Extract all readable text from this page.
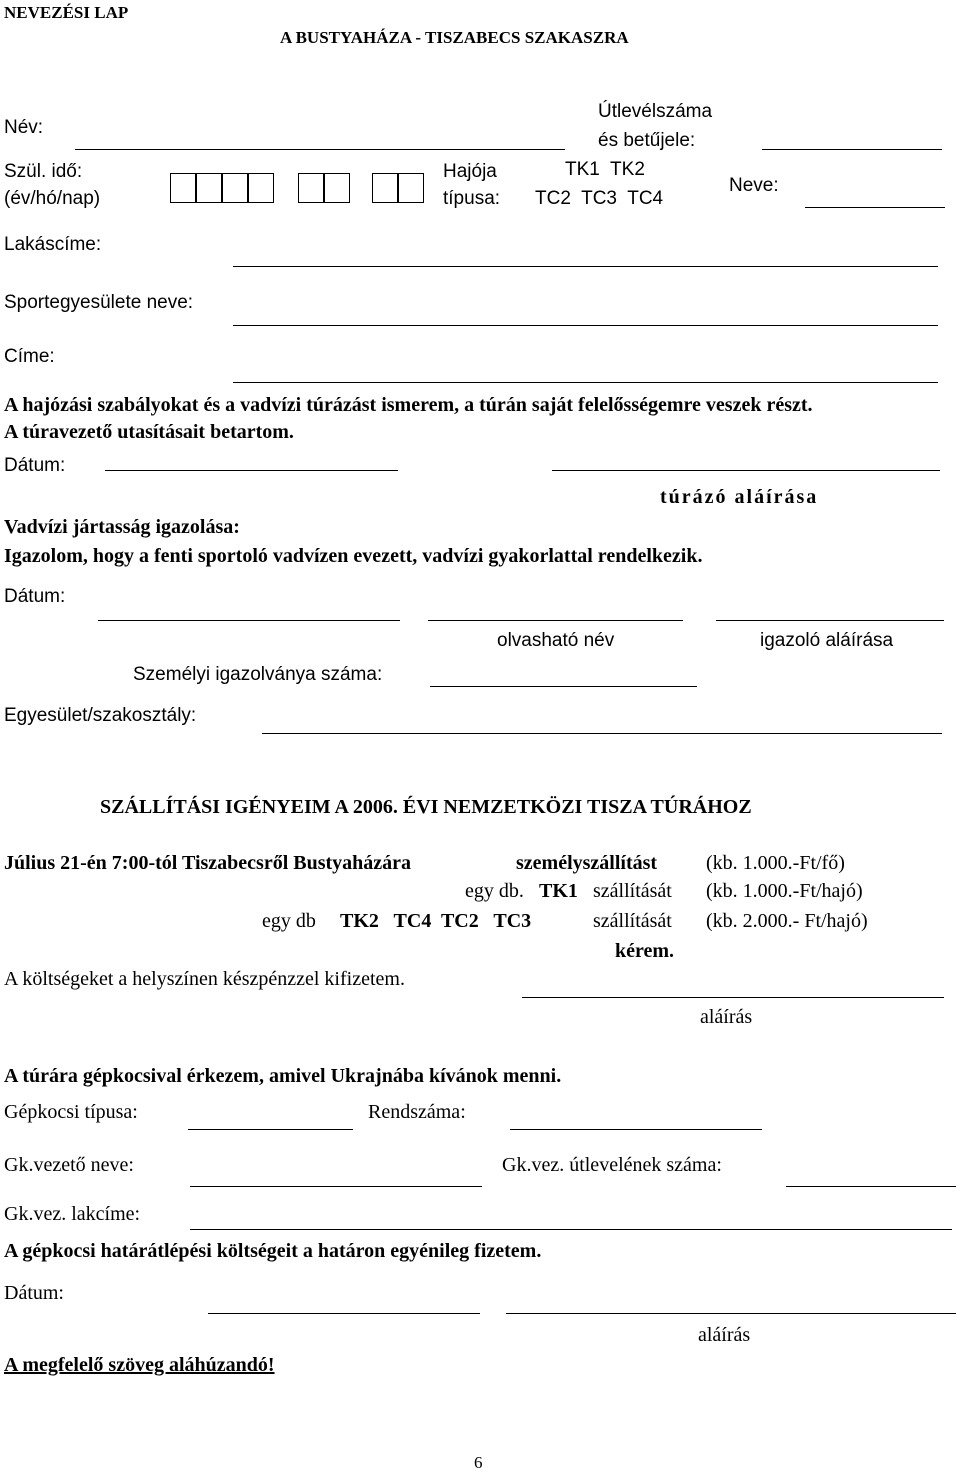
NEVEZÉSI LAP
A BUSTYAHÁZA - TISZABECS SZAKASZRA
Név:
Útlevélszáma
és betűjele:
Szül. idő:
(év/hó/nap)
Hajója
típusa:
TK1  TK2
TC2  TC3  TC4
Neve:
Lakáscíme:
Sportegyesülete neve:
Címe:
A hajózási szabályokat és a vadvízi túrázást ismerem, a túrán saját felelősségemre veszek részt.
A túravezető utasításait betartom.
Dátum:
túrázó aláírása
Vadvízi jártasság igazolása:
Igazolom, hogy a fenti sportoló vadvízen evezett, vadvízi gyakorlattal rendelkezik.
Dátum:
olvasható név	igazoló aláírása
Személyi igazolványa száma:
Egyesület/szakosztály:
SZÁLLÍTÁSI IGÉNYEIM A 2006. ÉVI NEMZETKÖZI TISZA TÚRÁHOZ
Július 21-én 7:00-tól Tiszabecsről Bustyaházára	személyszállítást (kb. 1.000.-Ft/fő)
egy db. TK1 szállítását (kb. 1.000.-Ft/hajó)
egy db TK2   TC4  TC2   TC3	szállítását (kb. 2.000.- Ft/hajó)
kérem.
A költségeket a helyszínen készpénzzel kifizetem.
aláírás
A túrára gépkocsival érkezem, amivel Ukrajnába kívánok menni.
Gépkocsi típusa:	Rendszáma:
Gk.vezető neve:	Gk.vez. útlevelének száma:
Gk.vez. lakcíme:
A gépkocsi határátlépési költségeit a határon egyénileg fizetem.
Dátum:
aláírás
A megfelelő szöveg aláhúzandó!
6
